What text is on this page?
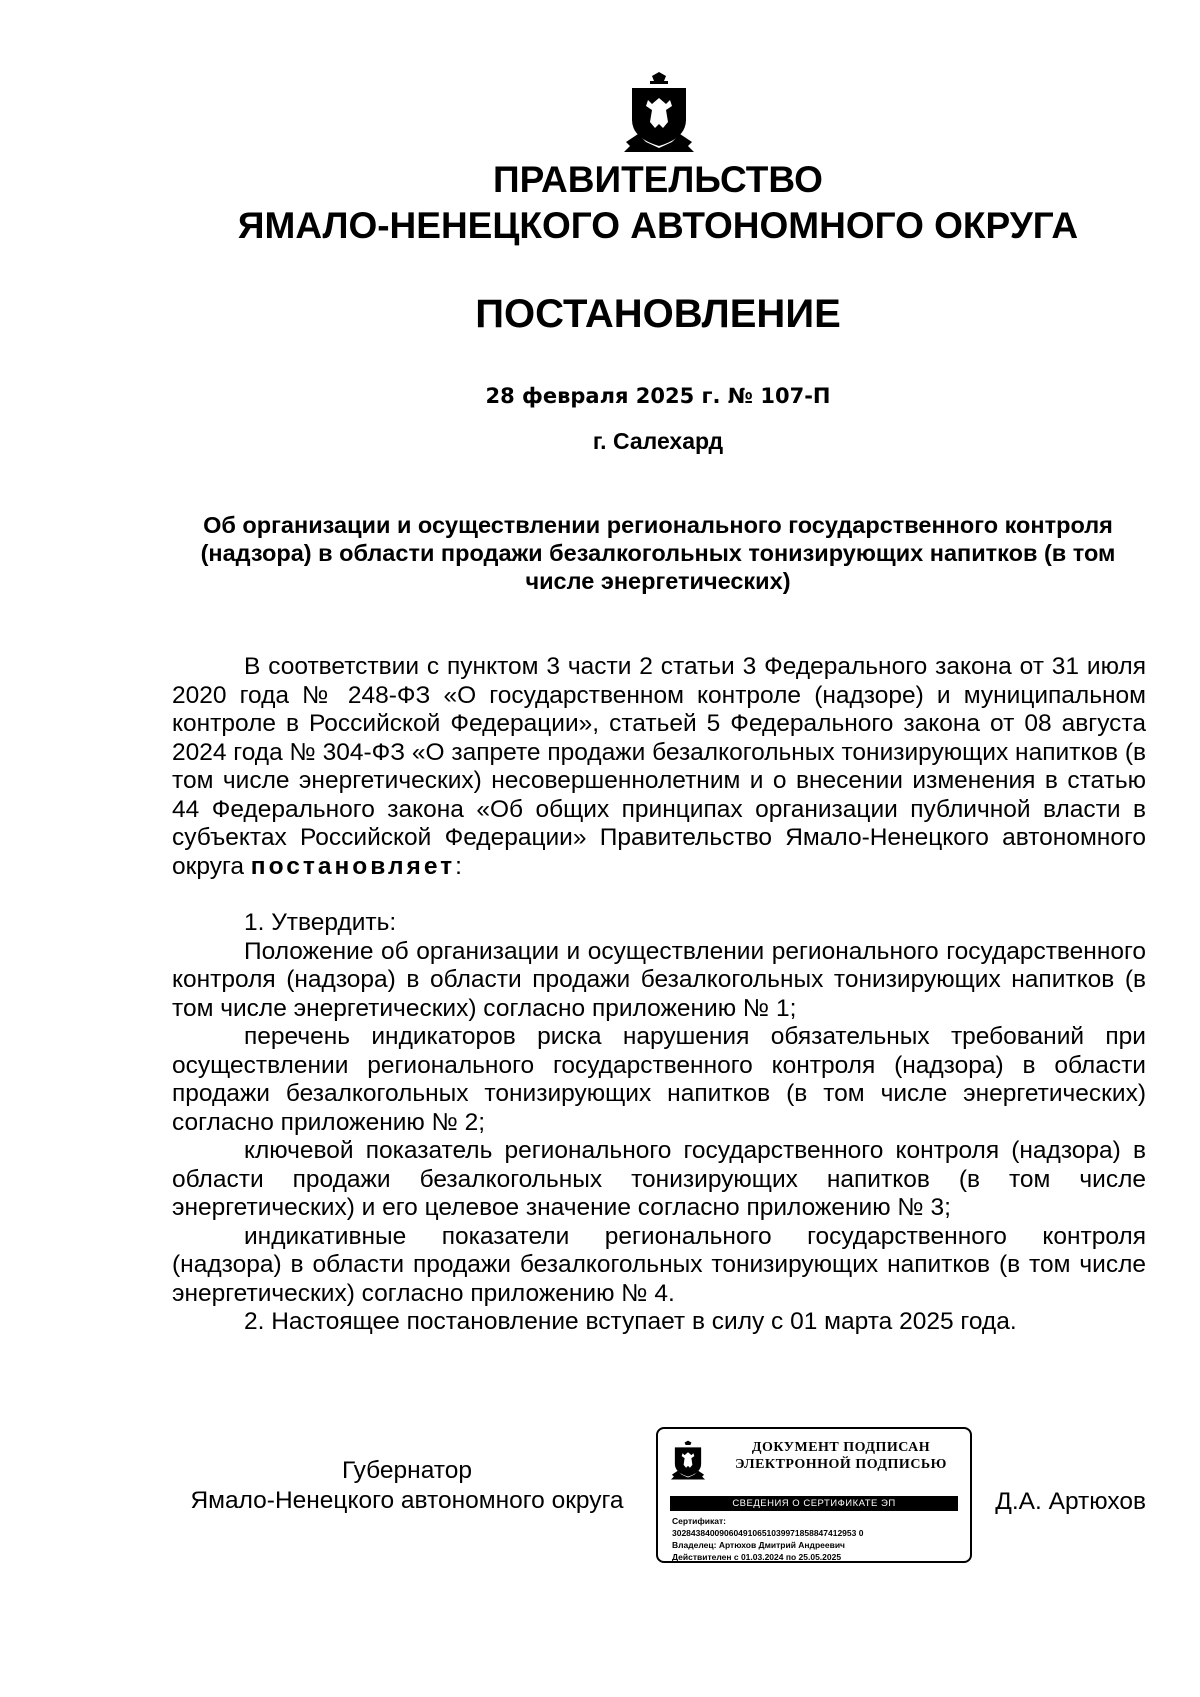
ПРАВИТЕЛЬСТВО
ЯМАЛО-НЕНЕЦКОГО АВТОНОМНОГО ОКРУГА
ПОСТАНОВЛЕНИЕ
28 февраля 2025 г. № 107-П
г. Салехард
Об организации и осуществлении регионального государственного контроля (надзора) в области продажи безалкогольных тонизирующих напитков (в том числе энергетических)

В соответствии с пунктом 3 части 2 статьи 3 Федерального закона от 31 июля 2020 года № 248-ФЗ «О государственном контроле (надзоре) и муниципальном контроле в Российской Федерации», статьей 5 Федерального закона от 08 августа 2024 года № 304-ФЗ «О запрете продажи безалкогольных тонизирующих напитков (в том числе энергетических) несовершеннолетним и о внесении изменения в статью 44 Федерального закона «Об общих принципах организации публичной власти в субъектах Российской Федерации» Правительство Ямало-Ненецкого автономного округа постановляет:

1. Утвердить:

Положение об организации и осуществлении регионального государственного контроля (надзора) в области продажи безалкогольных тонизирующих напитков (в том числе энергетических) согласно приложению № 1;

перечень индикаторов риска нарушения обязательных требований при осуществлении регионального государственного контроля (надзора) в области продажи безалкогольных тонизирующих напитков (в том числе энергетических) согласно приложению № 2;

ключевой показатель регионального государственного контроля (надзора) в области продажи безалкогольных тонизирующих напитков (в том числе энергетических) и его целевое значение согласно приложению № 3;

индикативные показатели регионального государственного контроля (надзора) в области продажи безалкогольных тонизирующих напитков (в том числе энергетических) согласно приложению № 4.

2. Настоящее постановление вступает в силу с 01 марта 2025 года.

Губернатор
Ямало-Ненецкого автономного округа
ДОКУМЕНТ ПОДПИСАН
ЭЛЕКТРОННОЙ ПОДПИСЬЮ
СВЕДЕНИЯ О СЕРТИФИКАТЕ ЭП
Сертификат:
302843840090604910651039971858847412953 0
Владелец: Артюхов Дмитрий Андреевич
Действителен с 01.03.2024 по 25.05.2025
Д.А. Артюхов
